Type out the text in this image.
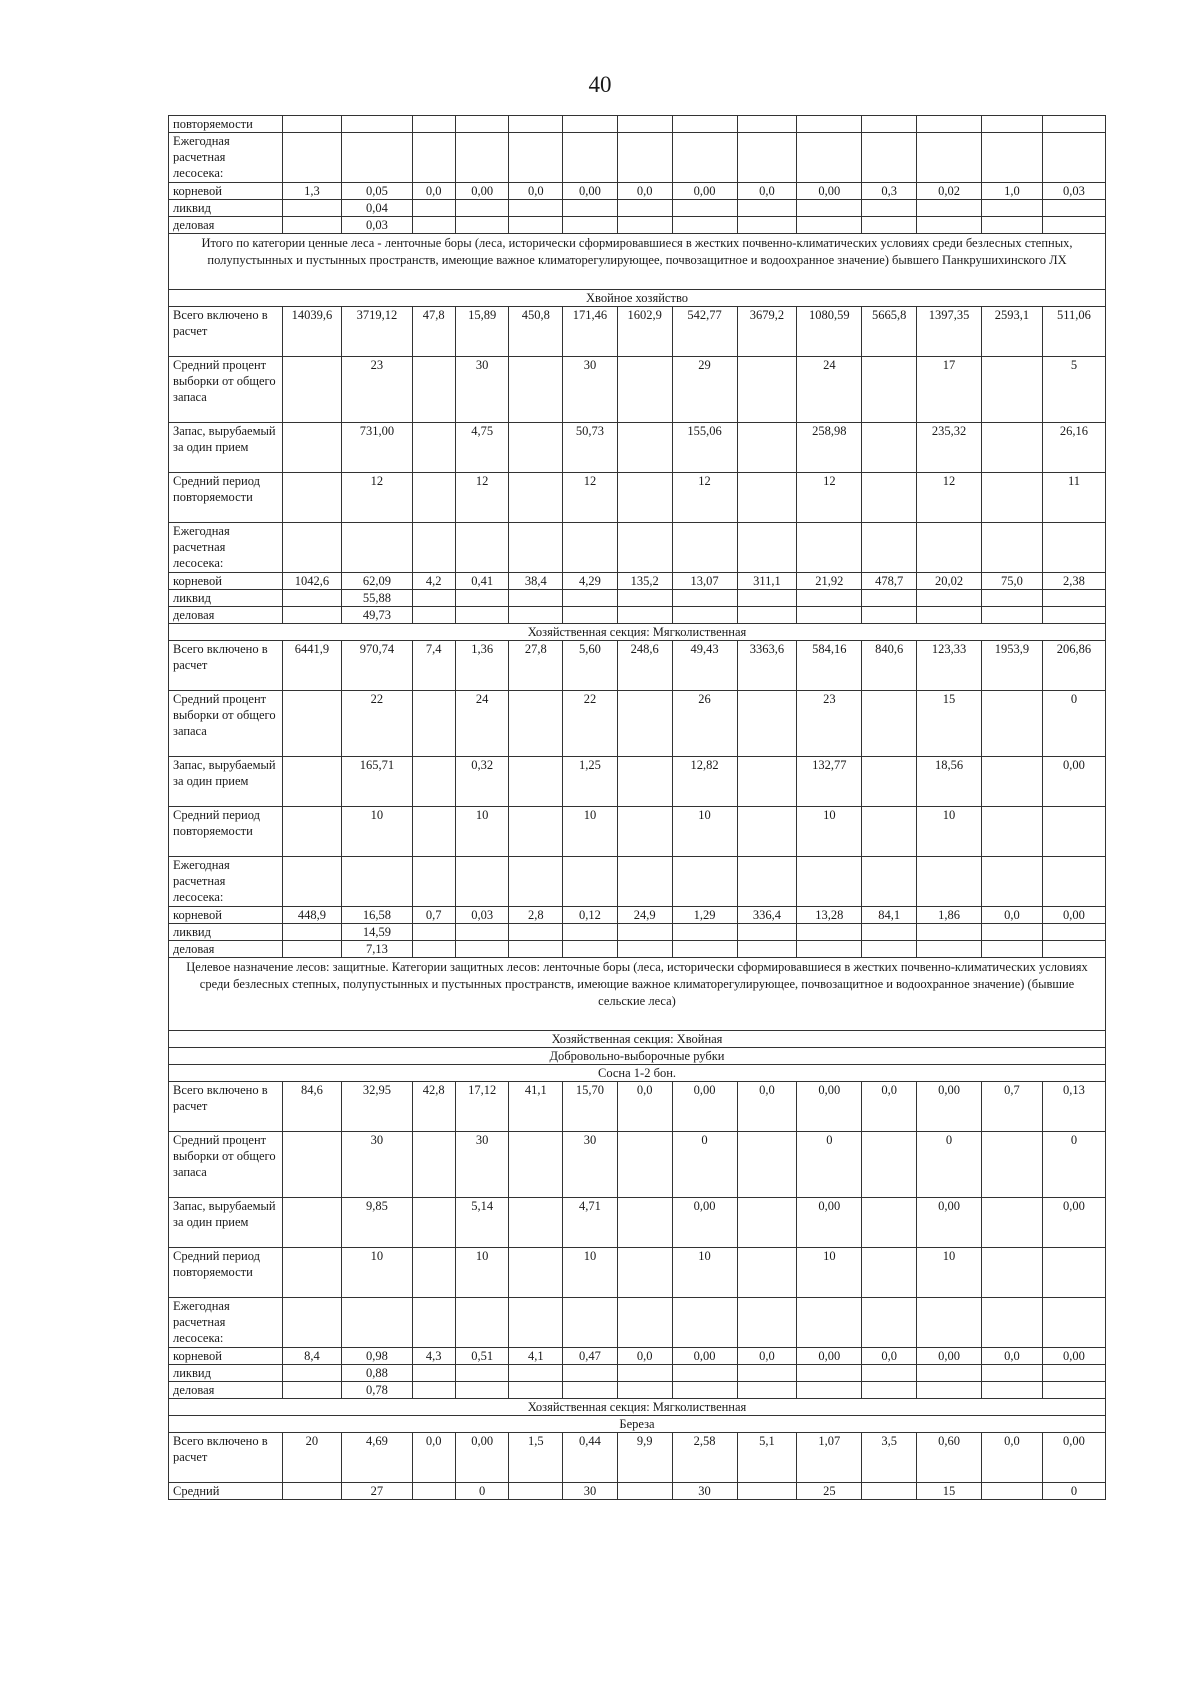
40
повторяемости														
Ежегодная расчетная лесосека:														
корневой	1,3	0,05	0,0	0,00	0,0	0,00	0,0	0,00	0,0	0,00	0,3	0,02	1,0	0,03
ликвид		0,04												
деловая		0,03												
Итого по категории ценные леса - ленточные боры (леса, исторически сформировавшиеся в жестких почвенно-климатических условиях среди безлесных степных, полупустынных и пустынных пространств, имеющие важное климаторегулирующее, почвозащитное и водоохранное значение) бывшего Панкрушихинского ЛХ														
Хвойное хозяйство														
Всего включено в расчет	14039,6	3719,12	47,8	15,89	450,8	171,46	1602,9	542,77	3679,2	1080,59	5665,8	1397,35	2593,1	511,06
Средний процент выборки от общего запаса		23		30		30		29		24		17		5
Запас, вырубаемый за один прием		731,00		4,75		50,73		155,06		258,98		235,32		26,16
Средний период повторяемости		12		12		12		12		12		12		11
Ежегодная расчетная лесосека:														
корневой	1042,6	62,09	4,2	0,41	38,4	4,29	135,2	13,07	311,1	21,92	478,7	20,02	75,0	2,38
ликвид		55,88												
деловая		49,73												
Хозяйственная секция: Мягколиственная														
Всего включено в расчет	6441,9	970,74	7,4	1,36	27,8	5,60	248,6	49,43	3363,6	584,16	840,6	123,33	1953,9	206,86
Средний процент выборки от общего запаса		22		24		22		26		23		15		0
Запас, вырубаемый за один прием		165,71		0,32		1,25		12,82		132,77		18,56		0,00
Средний период повторяемости		10		10		10		10		10		10		
Ежегодная расчетная лесосека:														
корневой	448,9	16,58	0,7	0,03	2,8	0,12	24,9	1,29	336,4	13,28	84,1	1,86	0,0	0,00
ликвид		14,59												
деловая		7,13												
Целевое назначение лесов: защитные. Категории защитных лесов: ленточные боры (леса, исторически сформировавшиеся в жестких почвенно-климатических условиях среди безлесных степных, полупустынных и пустынных пространств, имеющие важное климаторегулирующее, почвозащитное и водоохранное значение) (бывшие сельские леса)														
Хозяйственная секция: Хвойная														
Добровольно-выборочные рубки														
Сосна 1-2 бон.														
Всего включено в расчет	84,6	32,95	42,8	17,12	41,1	15,70	0,0	0,00	0,0	0,00	0,0	0,00	0,7	0,13
Средний процент выборки от общего запаса		30		30		30		0		0		0		0
Запас, вырубаемый за один прием		9,85		5,14		4,71		0,00		0,00		0,00		0,00
Средний период повторяемости		10		10		10		10		10		10		
Ежегодная расчетная лесосека:														
корневой	8,4	0,98	4,3	0,51	4,1	0,47	0,0	0,00	0,0	0,00	0,0	0,00	0,0	0,00
ликвид		0,88												
деловая		0,78												
Хозяйственная секция: Мягколиственная														
Береза														
Всего включено в расчет	20	4,69	0,0	0,00	1,5	0,44	9,9	2,58	5,1	1,07	3,5	0,60	0,0	0,00
Средний		27		0		30		30		25		15		0
